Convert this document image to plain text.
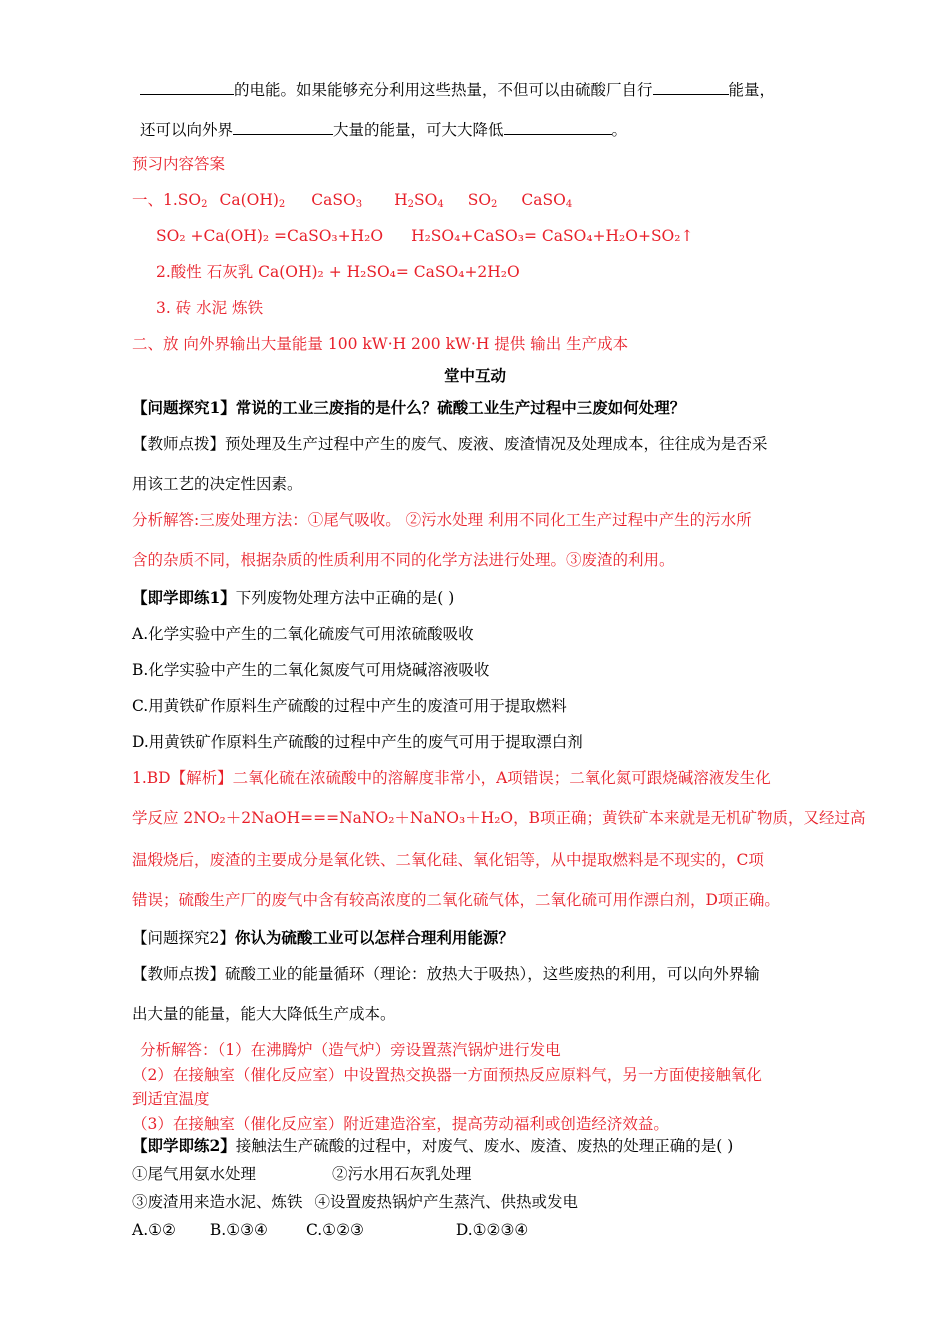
的电能。如果能够充分利用这些热量，不但可以由硫酸厂自行	能量，
还可以向外界	大量的能量，可大大降低	。
预习内容答案
一、$1.SO_2$ $Ca(OH)_2$ CaSO$_3$ $H_2SO_4$ $SO_2$ CaSO$_4$
SO₂ +Ca(OH)₂ =CaSO₃+H₂O H₂SO₄+CaSO₃= CaSO₄+H₂O+SO₂↑
2.酸性 石灰乳 Ca(OH)₂ + H₂SO₄= CaSO₄+2H₂O
3. 砖 水泥 炼铁
二、放 向外界输出大量能量 100 kW·H 200 kW·H 提供 输出 生产成本
堂中互动
【问题探究1】常说的工业三废指的是什么？硫酸工业生产过程中三废如何处理？
【教师点拨】预处理及生产过程中产生的废气、废液、废渣情况及处理成本，往往成为是否采
用该工艺的决定性因素。
分析解答:三废处理方法：①尾气吸收。 ②污水处理 利用不同化工生产过程中产生的污水所
含的杂质不同，根据杂质的性质利用不同的化学方法进行处理。③废渣的利用。
【即学即练1】下列废物处理方法中正确的是( )
A.化学实验中产生的二氧化硫废气可用浓硫酸吸收
B.化学实验中产生的二氧化氮废气可用烧碱溶液吸收
C.用黄铁矿作原料生产硫酸的过程中产生的废渣可用于提取燃料
D.用黄铁矿作原料生产硫酸的过程中产生的废气可用于提取漂白剂
1.BD【解析】二氧化硫在浓硫酸中的溶解度非常小，A项错误；二氧化氮可跟烧碱溶液发生化
学反应 2NO₂＋2NaOH===NaNO₂＋NaNO₃＋H₂O，B项正确；黄铁矿本来就是无机矿物质，又经过高
温煅烧后，废渣的主要成分是氧化铁、二氧化硅、氧化铝等，从中提取燃料是不现实的，C项
错误；硫酸生产厂的废气中含有较高浓度的二氧化硫气体，二氧化硫可用作漂白剂，D项正确。
【问题探究2】你认为硫酸工业可以怎样合理利用能源？
【教师点拨】硫酸工业的能量循环（理论：放热大于吸热），这些废热的利用，可以向外界输
出大量的能量，能大大降低生产成本。
分析解答：（1）在沸腾炉（造气炉）旁设置蒸汽锅炉进行发电
（2）在接触室（催化反应室）中设置热交换器一方面预热反应原料气，另一方面使接触氧化
到适宜温度
（3）在接触室（催化反应室）附近建造浴室，提高劳动福利或创造经济效益。
【即学即练2】接触法生产硫酸的过程中，对废气、废水、废渣、废热的处理正确的是( )
①尾气用氨水处理	②污水用石灰乳处理
③废渣用来造水泥、炼铁 ④设置废热锅炉产生蒸汽、供热或发电
A.①② B.①③④ C.①②③	D.①②③④
